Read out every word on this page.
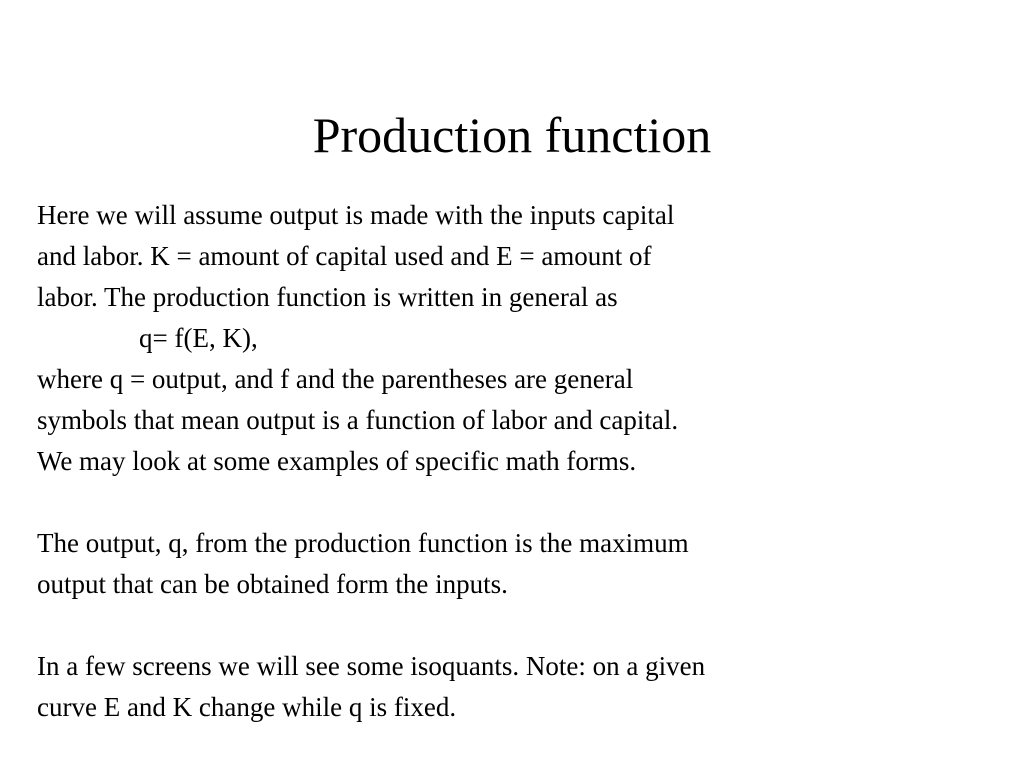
Production function
Here we will assume output is made with the inputs capital
and labor. K = amount of capital used and E = amount of
labor. The production function is written in general as
q= f(E, K),
where q = output, and f and the parentheses are general
symbols that mean output is a function of labor and capital.
We may look at some examples of specific math forms.
The output, q, from the production function is the maximum
output that can be obtained form the inputs.
In a few screens we will see some isoquants. Note: on a given
curve E and K change while q is fixed.
